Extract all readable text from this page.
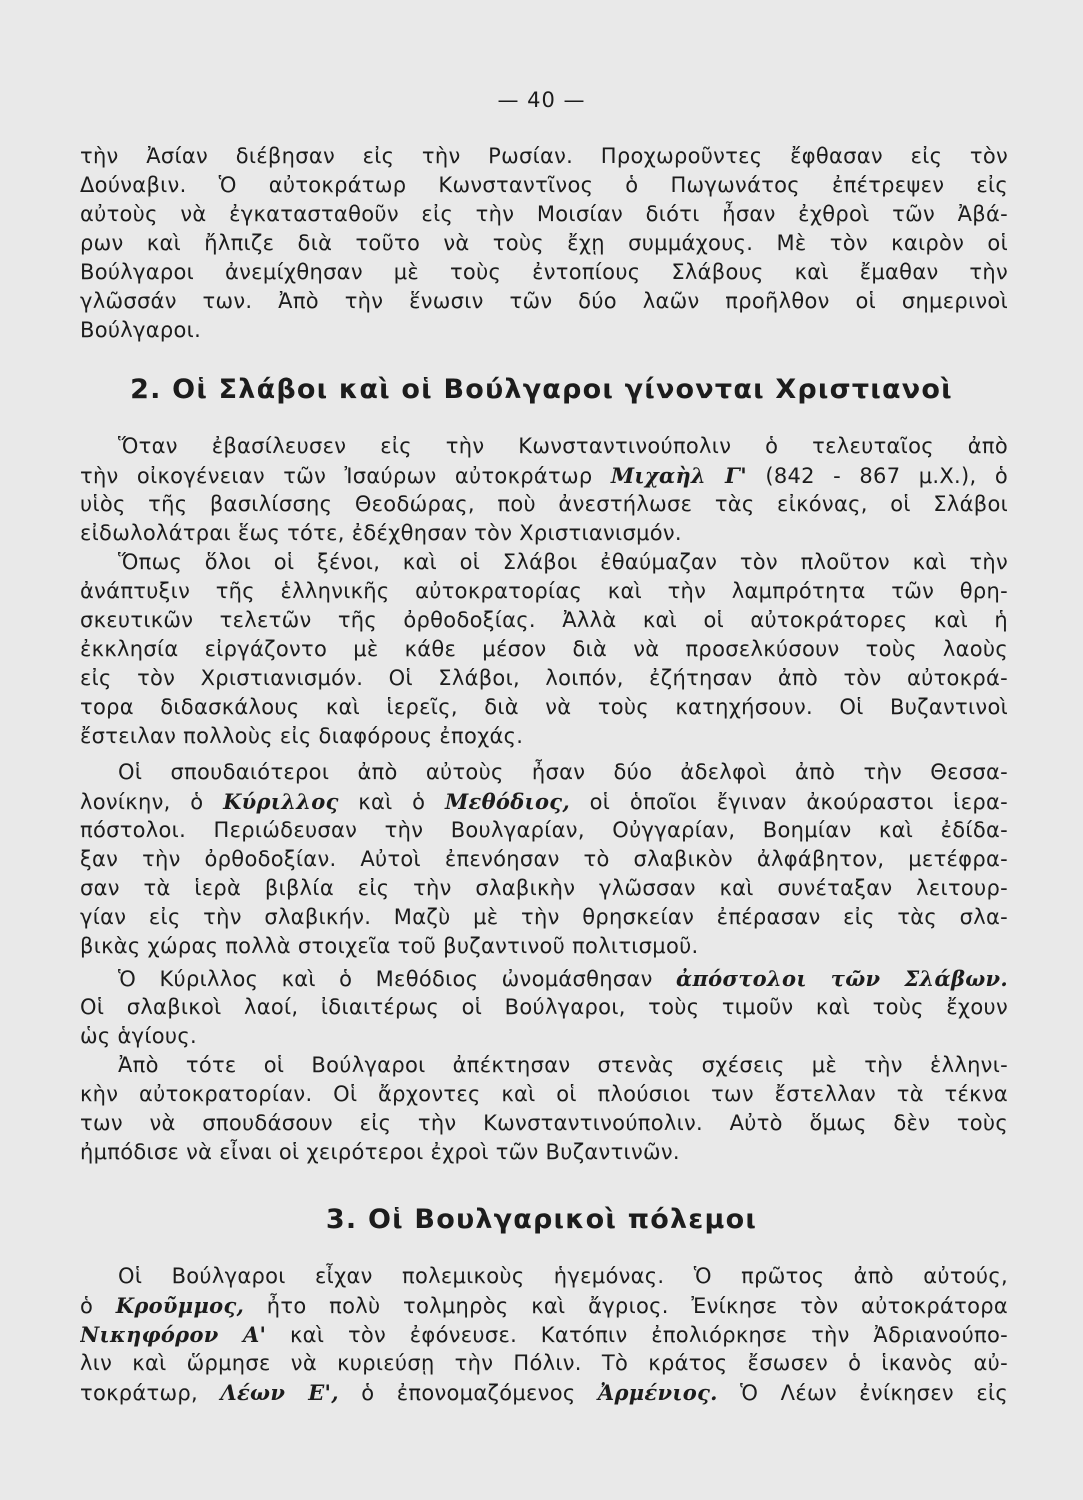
— 40 —
τὴν Ἀσίαν διέβησαν εἰς τὴν Ρωσίαν. Προχωροῦντες ἔφθασαν εἰς τὸν
Δούναβιν. Ὁ αὐτοκράτωρ Κωνσταντῖνος ὁ Πωγωνάτος ἐπέτρεψεν εἰς
αὐτοὺς νὰ ἐγκατασταθοῦν εἰς τὴν Μοισίαν διότι ἦσαν ἐχθροὶ τῶν Ἀβά-
ρων καὶ ἤλπιζε διὰ τοῦτο νὰ τοὺς ἔχῃ συμμάχους. Μὲ τὸν καιρὸν οἱ
Βούλγαροι ἀνεμίχθησαν μὲ τοὺς ἐντοπίους Σλάβους καὶ ἔμαθαν τὴν
γλῶσσάν των. Ἀπὸ τὴν ἕνωσιν τῶν δύο λαῶν προῆλθον οἱ σημερινοὶ
Βούλγαροι.
2. Οἱ Σλάβοι καὶ οἱ Βούλγαροι γίνονται Χριστιανοὶ
Ὅταν ἐβασίλευσεν εἰς τὴν Κωνσταντινούπολιν ὁ τελευταῖος ἀπὸ
τὴν οἰκογένειαν τῶν Ἰσαύρων αὐτοκράτωρ Μιχαὴλ Γ' (842 - 867 μ.Χ.), ὁ
υἱὸς τῆς βασιλίσσης Θεοδώρας, ποὺ ἀνεστήλωσε τὰς εἰκόνας, οἱ Σλάβοι
εἰδωλολάτραι ἕως τότε, ἐδέχθησαν τὸν Χριστιανισμόν.
Ὅπως ὅλοι οἱ ξένοι, καὶ οἱ Σλάβοι ἐθαύμαζαν τὸν πλοῦτον καὶ τὴν
ἀνάπτυξιν τῆς ἑλληνικῆς αὐτοκρατορίας καὶ τὴν λαμπρότητα τῶν θρη-
σκευτικῶν τελετῶν τῆς ὀρθοδοξίας. Ἀλλὰ καὶ οἱ αὐτοκράτορες καὶ ἡ
ἐκκλησία εἰργάζοντο μὲ κάθε μέσον διὰ νὰ προσελκύσουν τοὺς λαοὺς
εἰς τὸν Χριστιανισμόν. Οἱ Σλάβοι, λοιπόν, ἐζήτησαν ἀπὸ τὸν αὐτοκρά-
τορα διδασκάλους καὶ ἱερεῖς, διὰ νὰ τοὺς κατηχήσουν. Οἱ Βυζαντινοὶ
ἔστειλαν πολλοὺς εἰς διαφόρους ἐποχάς.
Οἱ σπουδαιότεροι ἀπὸ αὐτοὺς ἦσαν δύο ἀδελφοὶ ἀπὸ τὴν Θεσσα-
λονίκην, ὁ Κύριλλος καὶ ὁ Μεθόδιος, οἱ ὁποῖοι ἔγιναν ἀκούραστοι ἱερα-
πόστολοι. Περιώδευσαν τὴν Βουλγαρίαν, Οὐγγαρίαν, Βοημίαν καὶ ἐδίδα-
ξαν τὴν ὀρθοδοξίαν. Αὐτοὶ ἐπενόησαν τὸ σλαβικὸν ἀλφάβητον, μετέφρα-
σαν τὰ ἱερὰ βιβλία εἰς τὴν σλαβικὴν γλῶσσαν καὶ συνέταξαν λειτουρ-
γίαν εἰς τὴν σλαβικήν. Μαζὺ μὲ τὴν θρησκείαν ἐπέρασαν εἰς τὰς σλα-
βικὰς χώρας πολλὰ στοιχεῖα τοῦ βυζαντινοῦ πολιτισμοῦ.
Ὁ Κύριλλος καὶ ὁ Μεθόδιος ὠνομάσθησαν ἀπόστολοι τῶν Σλάβων.
Οἱ σλαβικοὶ λαοί, ἰδιαιτέρως οἱ Βούλγαροι, τοὺς τιμοῦν καὶ τοὺς ἔχουν
ὡς ἁγίους.
Ἀπὸ τότε οἱ Βούλγαροι ἀπέκτησαν στενὰς σχέσεις μὲ τὴν ἑλληνι-
κὴν αὐτοκρατορίαν. Οἱ ἄρχοντες καὶ οἱ πλούσιοι των ἔστελλαν τὰ τέκνα
των νὰ σπουδάσουν εἰς τὴν Κωνσταντινούπολιν. Αὐτὸ ὅμως δὲν τοὺς
ἠμπόδισε νὰ εἶναι οἱ χειρότεροι ἐχροὶ τῶν Βυζαντινῶν.
3. Οἱ Βουλγαρικοὶ πόλεμοι
Οἱ Βούλγαροι εἶχαν πολεμικοὺς ἡγεμόνας. Ὁ πρῶτος ἀπὸ αὐτούς,
ὁ Κροῦμμος, ἦτο πολὺ τολμηρὸς καὶ ἄγριος. Ἐνίκησε τὸν αὐτοκράτορα
Νικηφόρον Α' καὶ τὸν ἐφόνευσε. Κατόπιν ἐπολιόρκησε τὴν Ἀδριανούπο-
λιν καὶ ὥρμησε νὰ κυριεύσῃ τὴν Πόλιν. Τὸ κράτος ἔσωσεν ὁ ἱκανὸς αὐ-
τοκράτωρ, Λέων Ε', ὁ ἐπονομαζόμενος Ἀρμένιος. Ὁ Λέων ἐνίκησεν εἰς
